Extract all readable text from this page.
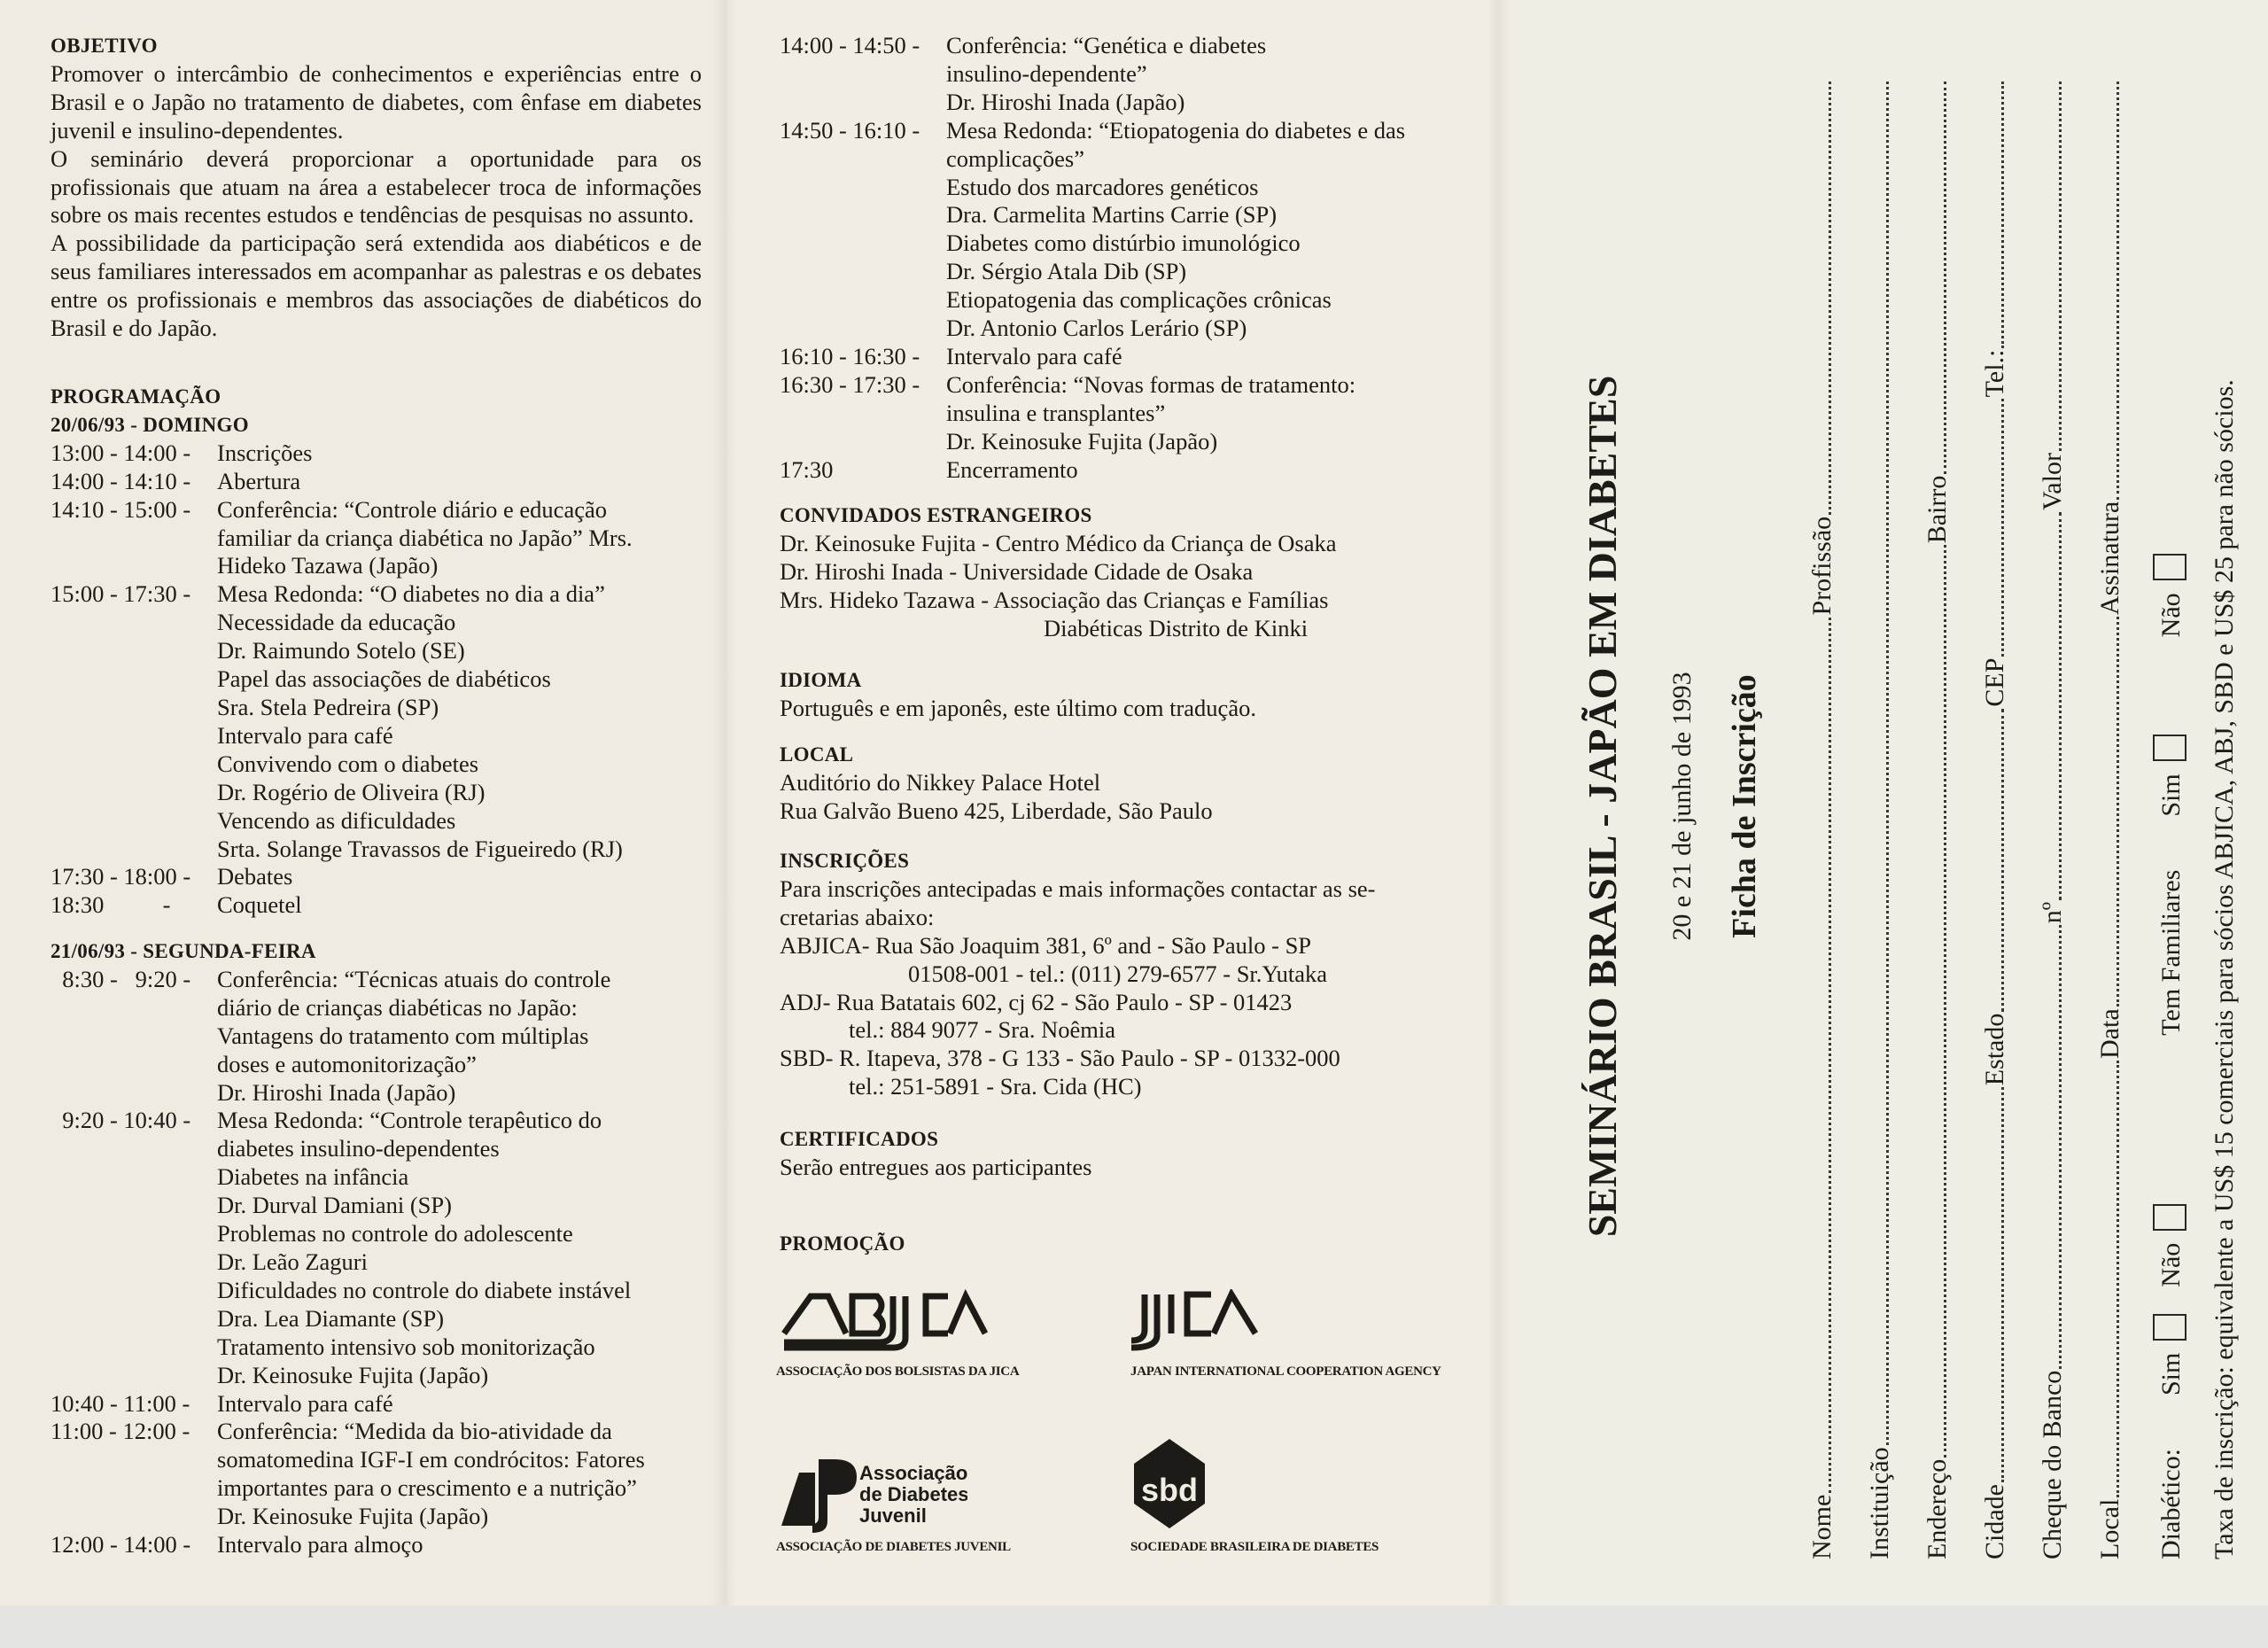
OBJETIVO
Promover o intercâmbio de conhecimentos e experiências entre o Brasil e o Japão no tratamento de diabetes, com ênfase em diabetes juvenil e insulino-dependentes.
O seminário deverá proporcionar a oportunidade para os profissionais que atuam na área a estabelecer troca de informações sobre os mais recentes estudos e tendências de pesquisas no assunto.
A possibilidade da participação será extendida aos diabéticos e de seus familiares interessados em acompanhar as palestras e os debates entre os profissionais e membros das associações de diabéticos do Brasil e do Japão.
PROGRAMAÇÃO
20/06/93 - DOMINGO
13:00 - 14:00 - Inscrições
14:00 - 14:10 - Abertura
14:10 - 15:00 - Conferência: “Controle diário e educação
familiar da criança diabética no Japão” Mrs.
Hideko Tazawa (Japão)
15:00 - 17:30 - Mesa Redonda: “O diabetes no dia a dia”
Necessidade da educação
Dr. Raimundo Sotelo (SE)
Papel das associações de diabéticos
Sra. Stela Pedreira (SP)
Intervalo para café
Convivendo com o diabetes
Dr. Rogério de Oliveira (RJ)
Vencendo as dificuldades
Srta. Solange Travassos de Figueiredo (RJ)
17:30 - 18:00 - Debates
18:30          -	Coquetel
21/06/93 - SEGUNDA-FEIRA
8:30 -   9:20 - Conferência: “Técnicas atuais do controle
diário de crianças diabéticas no Japão:
Vantagens do tratamento com múltiplas
doses e automonitorização”
Dr. Hiroshi Inada (Japão)
9:20 - 10:40 - Mesa Redonda: “Controle terapêutico do
diabetes insulino-dependentes
Diabetes na infância
Dr. Durval Damiani (SP)
Problemas no controle do adolescente
Dr. Leão Zaguri
Dificuldades no controle do diabete instável
Dra. Lea Diamante (SP)
Tratamento intensivo sob monitorização
Dr. Keinosuke Fujita (Japão)
10:40 - 11:00 - Intervalo para café
11:00 - 12:00 - Conferência: “Medida da bio-atividade da
somatomedina IGF-I em condrócitos: Fatores
importantes para o crescimento e a nutrição”
Dr. Keinosuke Fujita (Japão)
12:00 - 14:00 - Intervalo para almoço
14:00 - 14:50 - Conferência: “Genética e diabetes
insulino-dependente”
Dr. Hiroshi Inada (Japão)
14:50 - 16:10 - Mesa Redonda: “Etiopatogenia do diabetes e das
complicações”
Estudo dos marcadores genéticos
Dra. Carmelita Martins Carrie (SP)
Diabetes como distúrbio imunológico
Dr. Sérgio Atala Dib (SP)
Etiopatogenia das complicações crônicas
Dr. Antonio Carlos Lerário (SP)
16:10 - 16:30 - Intervalo para café
16:30 - 17:30 - Conferência: “Novas formas de tratamento:
insulina e transplantes”
Dr. Keinosuke Fujita (Japão)
17:30	Encerramento
CONVIDADOS ESTRANGEIROS
Dr. Keinosuke Fujita - Centro Médico da Criança de Osaka
Dr. Hiroshi Inada - Universidade Cidade de Osaka
Mrs. Hideko Tazawa - Associação das Crianças e Famílias
Diabéticas Distrito de Kinki
IDIOMA
Português e em japonês, este último com tradução.
LOCAL
Auditório do Nikkey Palace Hotel
Rua Galvão Bueno 425, Liberdade, São Paulo
INSCRIÇÕES
Para inscrições antecipadas e mais informações contactar as se-
cretarias abaixo:
ABJICA - Rua São Joaquim 381, 6º and - São Paulo - SP
01508-001 - tel.: (011) 279-6577 - Sr.Yutaka
ADJ - Rua Batatais 602, cj 62 - São Paulo - SP - 01423
tel.: 884 9077 - Sra. Noêmia
SBD - R. Itapeva, 378 - G 133 - São Paulo - SP - 01332-000
tel.: 251-5891 - Sra. Cida (HC)
CERTIFICADOS
Serão entregues aos participantes
PROMOÇÃO
ASSOCIAÇÃO DOS BOLSISTAS DA JICA	JAPAN INTERNATIONAL COOPERATION AGENCY
Associação
de Diabetes
Juvenil
ASSOCIAÇÃO DE DIABETES JUVENIL
sbd
SOCIEDADE BRASILEIRA DE DIABETES
SEMINÁRIO BRASIL - JAPÃO EM DIABETES 20 e 21 de junho de 1993 Ficha de Inscrição
Nome
Profissão
Instituição Endereço
Bairro
Cidade
Estado
CEP
Tel.:
Cheque do Banco
nº
Valor
Local
Data
Assinatura
Diabético:
Sim
Não
Tem Familiares
Sim
Não Taxa de inscrição: equivalente a US$ 15 comerciais para sócios ABJICA, ABJ, SBD e US$ 25 para não sócios.
